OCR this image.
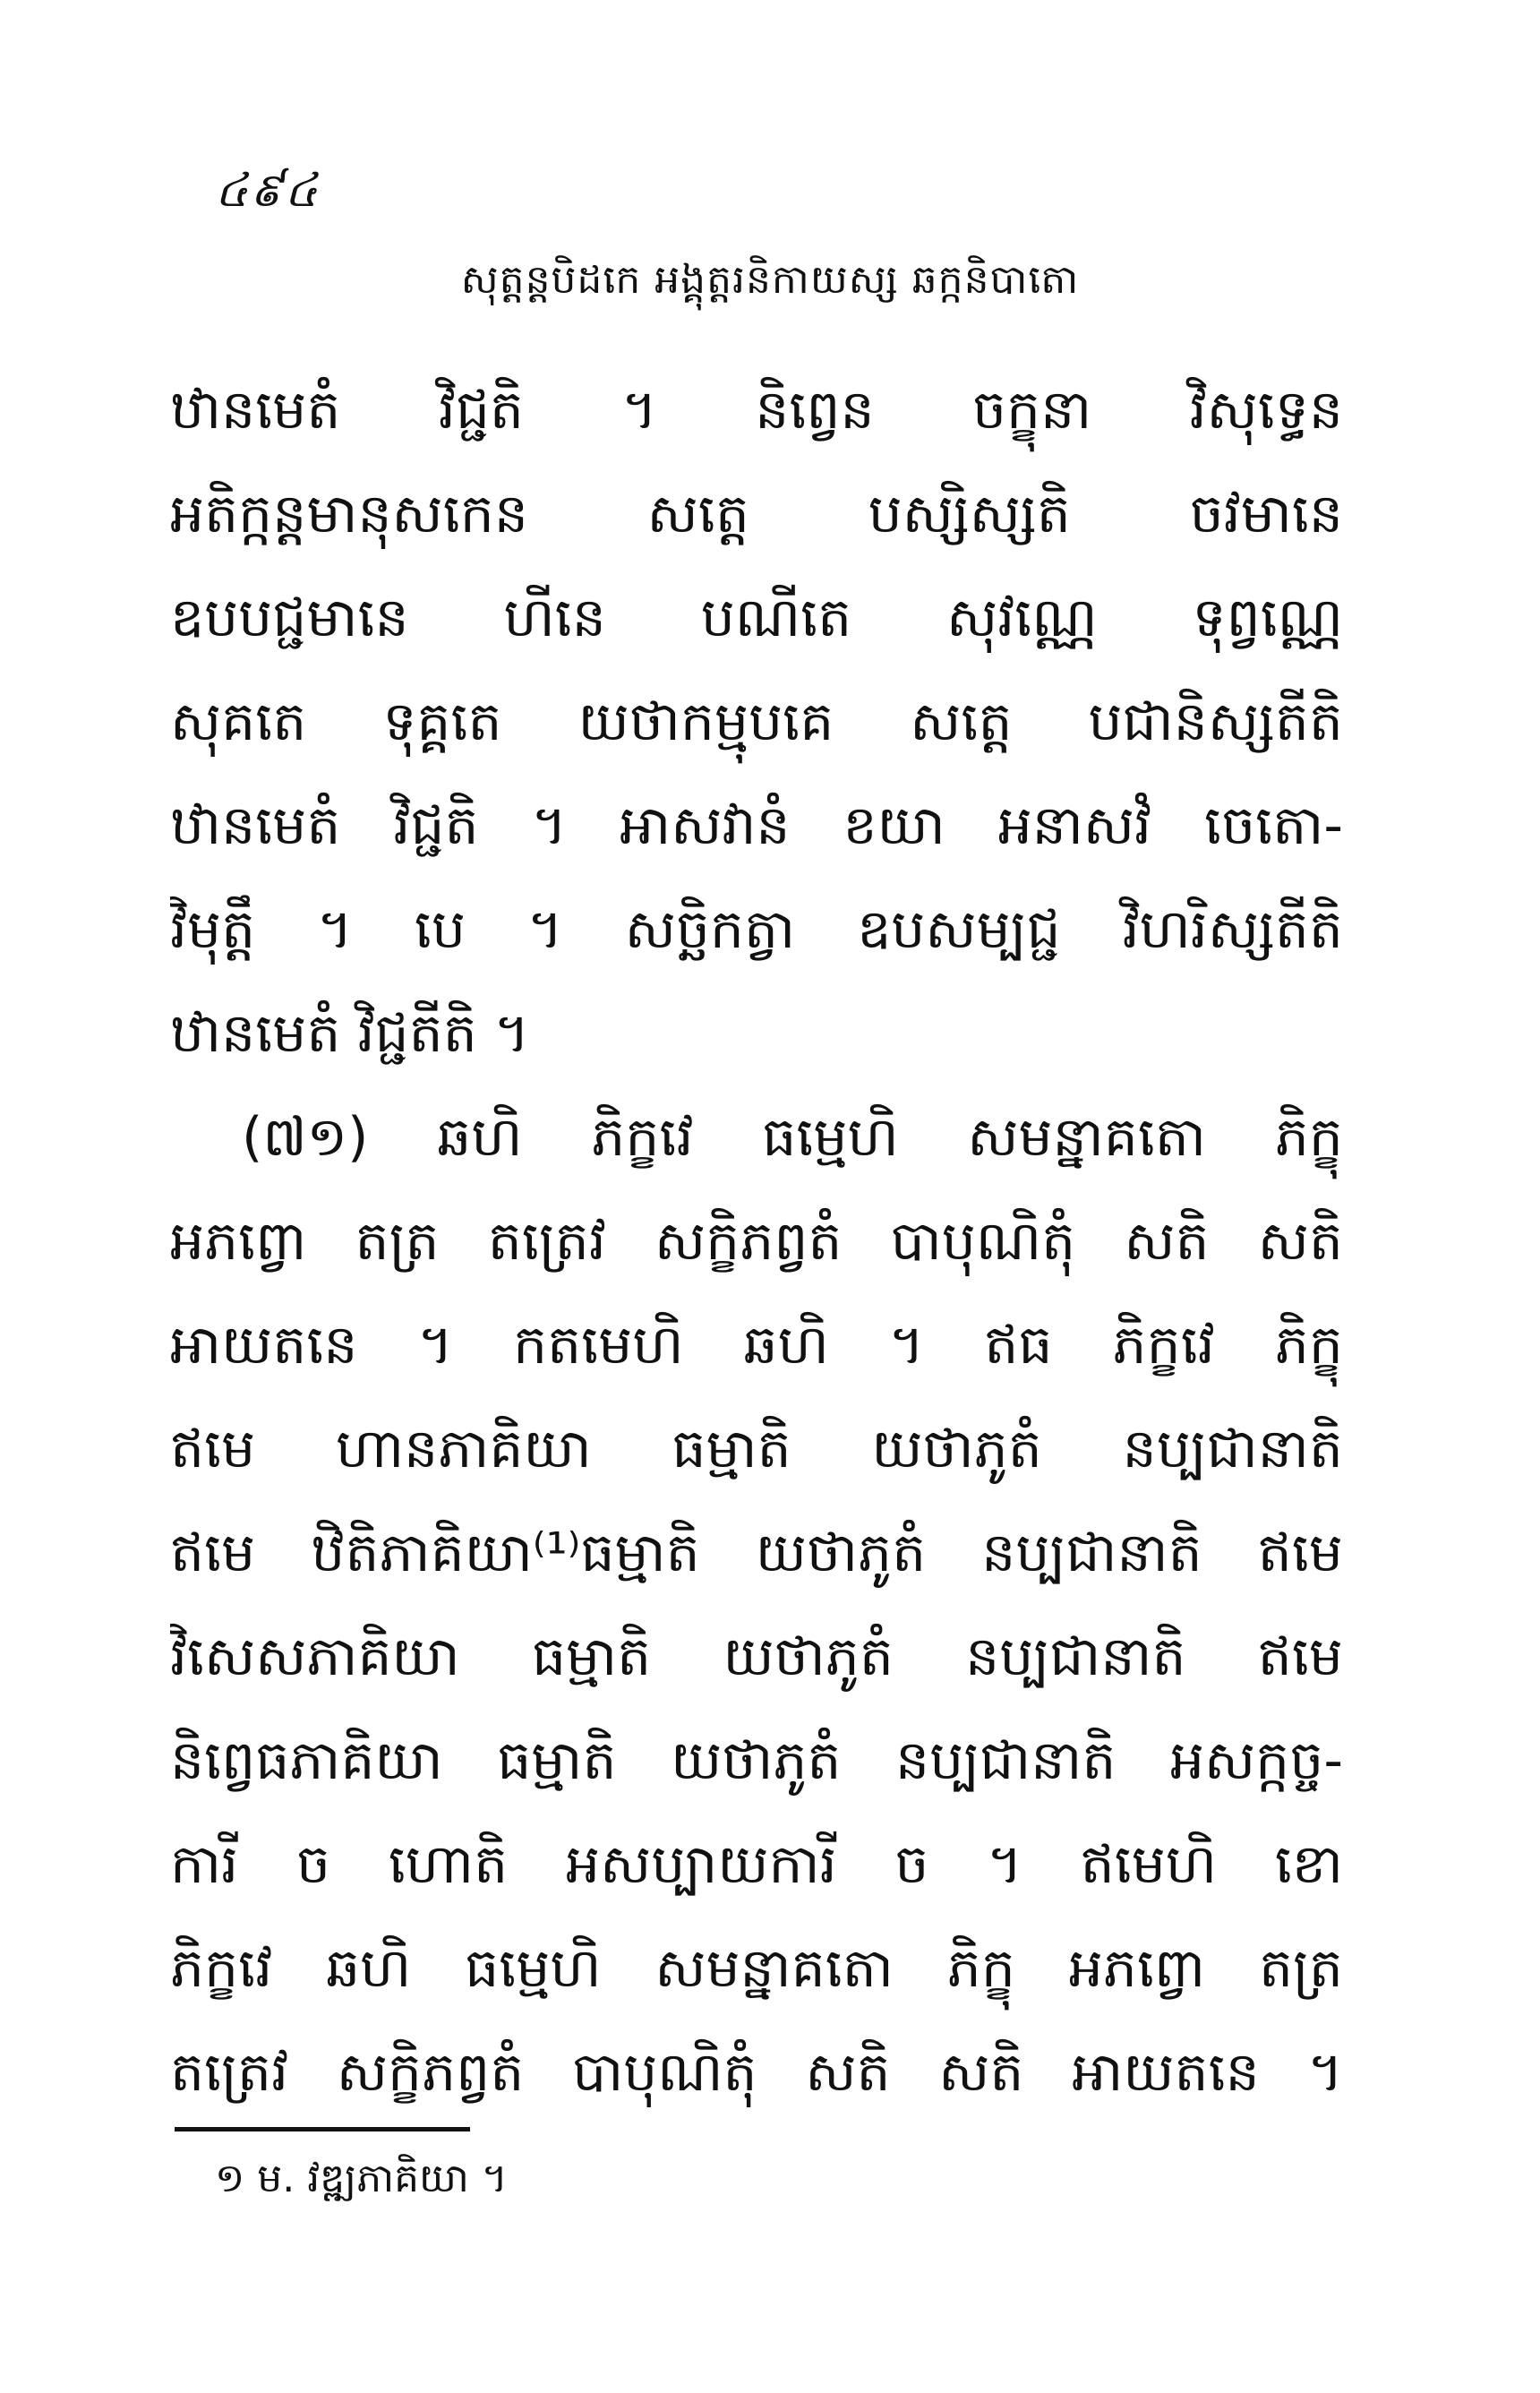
៤៩៤
សុត្តន្តបិដកេ អង្គុត្តរនិកាយស្ស ឆក្កនិបាតោ
ឋានមេតំ វិជ្ជតិ ។ និព្វេន ចក្ខុនា វិសុទ្ធេន
អតិក្កន្តមានុសកេន សត្តេ បស្សិស្សតិ ចវមានេ
ឧបបជ្ជមានេ ហីនេ បណីតេ សុវណ្ណេ ទុព្វណ្ណេ
សុគតេ ទុគ្គតេ យថាកម្មុបគេ សត្តេ បជានិស្សតីតិ
ឋានមេតំ វិជ្ជតិ ។ អាសវានំ ខយា អនាសវំ ចេតោ-
វិមុត្តឹ ។ បេ ។ សច្ឆិកត្វា ឧបសម្បជ្ជ វិហរិស្សតីតិ
ឋានមេតំ វិជ្ជតីតិ ។
(៧១) ឆហិ ភិក្ខវេ ធម្មេហិ សមន្នាគតោ ភិក្ខុ
អភព្វោ តត្រ តត្រេវ សក្ខិភព្វតំ បាបុណិតុំ សតិ សតិ
អាយតនេ ។ កតមេហិ ឆហិ ។ ឥធ ភិក្ខវេ ភិក្ខុ
ឥមេ ហានភាគិយា ធម្មាតិ យថាភូតំ នប្បជានាតិ
ឥមេ ឋិតិភាគិយា⁽¹⁾ធម្មាតិ យថាភូតំ នប្បជានាតិ ឥមេ
វិសេសភាគិយា ធម្មាតិ យថាភូតំ នប្បជានាតិ ឥមេ
និព្វេធភាគិយា ធម្មាតិ យថាភូតំ នប្បជានាតិ អសក្កច្ច-
ការី ច ហោតិ អសប្បាយការី ច ។ ឥមេហិ ខោ
ភិក្ខវេ ឆហិ ធម្មេហិ សមន្នាគតោ ភិក្ខុ អភព្វោ តត្រ
តត្រេវ សក្ខិភព្វតំ បាបុណិតុំ សតិ សតិ អាយតនេ ។
១ ម. វឌ្ឍភាគិយា ។
